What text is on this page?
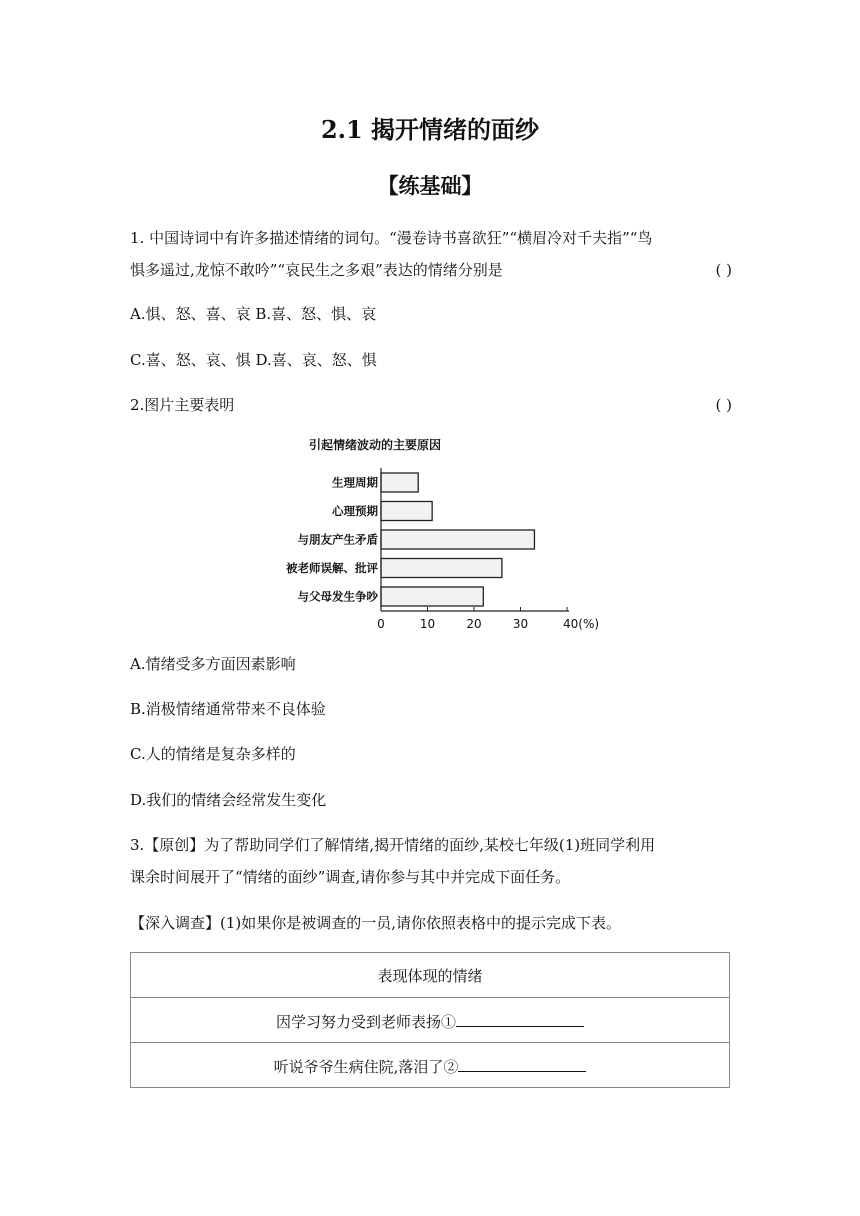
2.1 揭开情绪的面纱
【练基础】
1. 中国诗词中有许多描述情绪的词句。“漫卷诗书喜欲狂”“横眉冷对千夫指”“鸟
惧多遥过,龙惊不敢吟”“哀民生之多艰”表达的情绪分别是	( )
A.惧、怒、喜、哀 B.喜、怒、惧、哀
C.喜、怒、哀、惧 D.喜、哀、怒、惧
2.图片主要表明	( )
引起情绪波动的主要原因
生理周期
心理预期
与朋友产生矛盾
被老师误解、批评
与父母发生争吵
0	10	20	30	40(%)
A.情绪受多方面因素影响
B.消极情绪通常带来不良体验
C.人的情绪是复杂多样的
D.我们的情绪会经常发生变化
3.【原创】为了帮助同学们了解情绪,揭开情绪的面纱,某校七年级(1)班同学利用
课余时间展开了“情绪的面纱”调查,请你参与其中并完成下面任务。
【深入调查】(1)如果你是被调查的一员,请你依照表格中的提示完成下表。
表现体现的情绪
因学习努力受到老师表扬①
听说爷爷生病住院,落泪了②
